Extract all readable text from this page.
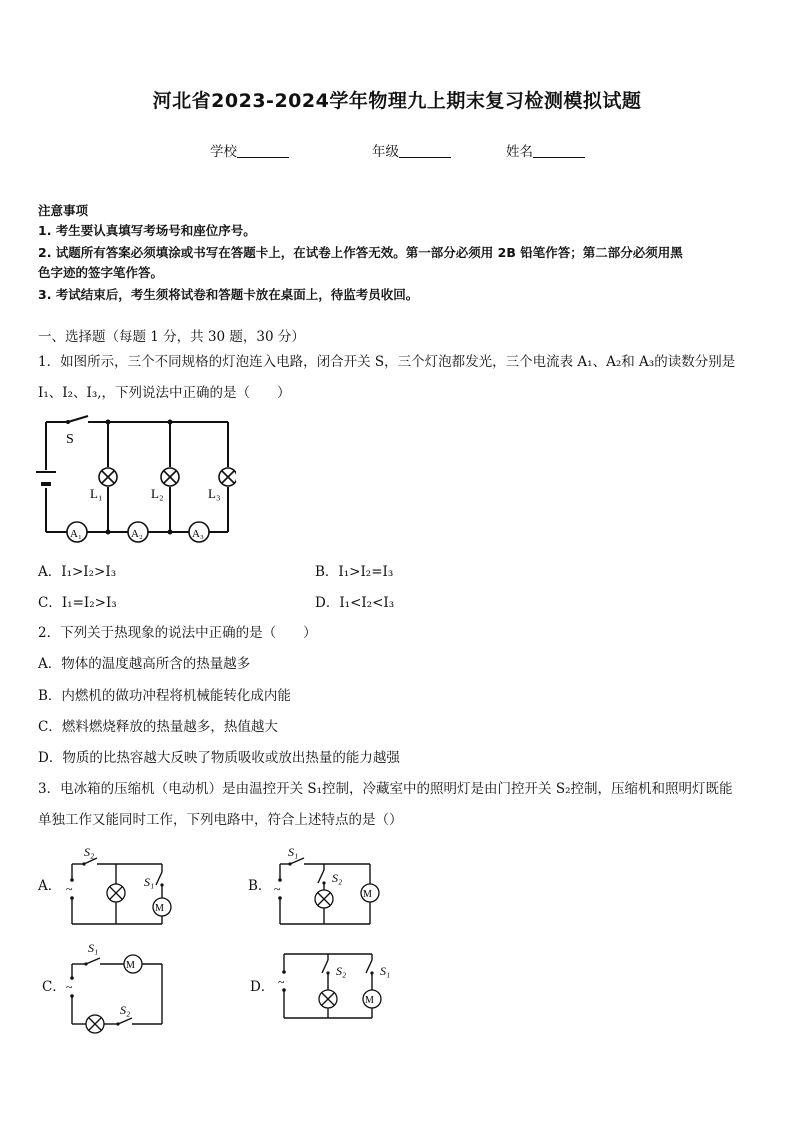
河北省2023-2024学年物理九上期末复习检测模拟试题
学校	年级	姓名
注意事项
1. 考生要认真填写考场号和座位序号。
2. 试题所有答案必须填涂或书写在答题卡上，在试卷上作答无效。第一部分必须用 2B 铅笔作答；第二部分必须用黑
色字迹的签字笔作答。
3. 考试结束后，考生须将试卷和答题卡放在桌面上，待监考员收回。
一、选择题（每题 1 分，共 30 题，30 分）
1．如图所示，三个不同规格的灯泡连入电路，闭合开关 S，三个灯泡都发光，三个电流表 A₁、A₂和 A₃的读数分别是
I₁、I₂、I₃,，下列说法中正确的是（　　）
S
L₁	L₂	L₃
A₁	A₂	A₃
A．I₁>I₂>I₃	B．I₁>I₂=I₃
C．I₁=I₂>I₃	D．I₁<I₂<I₃
2．下列关于热现象的说法中正确的是（　　）
A．物体的温度越高所含的热量越多
B．内燃机的做功冲程将机械能转化成内能
C．燃料燃烧释放的热量越多，热值越大
D．物质的比热容越大反映了物质吸收或放出热量的能力越强
3．电冰箱的压缩机（电动机）是由温控开关 S₁控制，冷藏室中的照明灯是由门控开关 S₂控制，压缩机和照明灯既能
单独工作又能同时工作，下列电路中，符合上述特点的是（）
A． ~
M
S₂
S₁	B． ~	M
S₁
S₂
C． ~
M
S₁
S₂
D． ~
M
S₂	S₁
